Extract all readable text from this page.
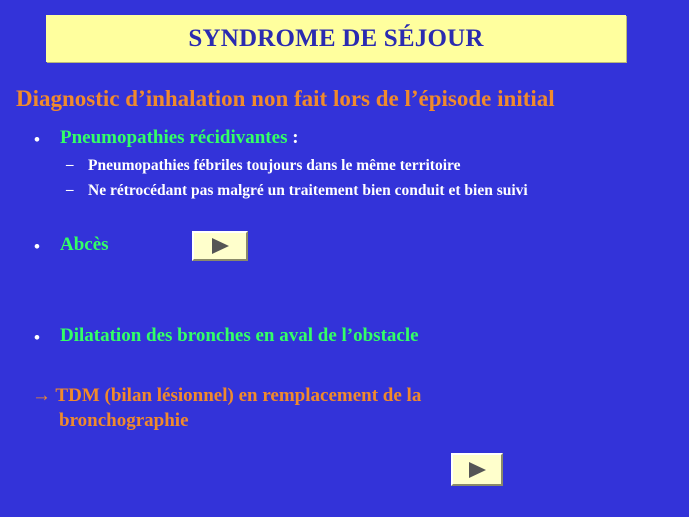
SYNDROME DE SÉJOUR
Diagnostic d’inhalation non fait lors de l’épisode initial
• Pneumopathies récidivantes :
– Pneumopathies fébriles toujours dans le même territoire
– Ne rétrocédant pas malgré un traitement bien conduit et bien suivi
• Abcès
• Dilatation des bronches en aval de l’obstacle
→ TDM (bilan lésionnel) en remplacement de la
bronchographie
